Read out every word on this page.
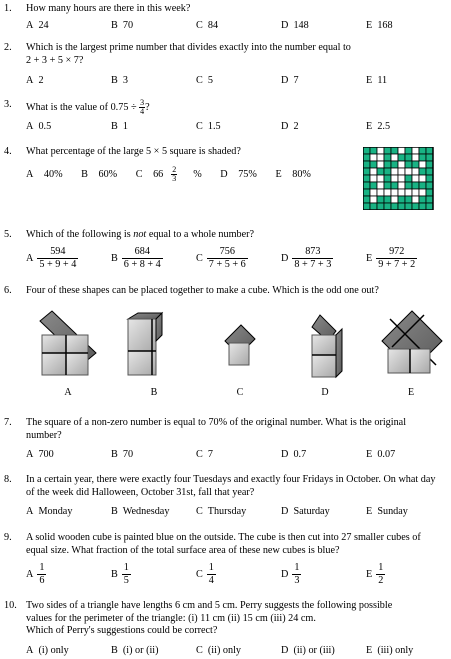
1. How many hours are there in this week?
A 24	B 70	C 84	D 148	E 168
2. Which is the largest prime number that divides exactly into the number equal to
2 + 3 + 5 × 7?
A 2	B 3	C 5	D 7	E 11
3. What is the value of $0.75 \div \frac{3}{4}$ ?
A 0.5	B 1	C 1.5	D 2	E 2.5
4. What percentage of the large 5 × 5 square is shaded?
A 40% B 60% C $66 \frac{2}{3}$ % D 75% E 80%
5. Which of the following is not equal to a whole number?
A $\frac{594}{5 + 9 + 4}$	B $\frac{684}{6 + 8 + 4}$	C $\frac{756}{7 + 5 + 6}$	D $\frac{873}{8 + 7 + 3}$	E $\frac{972}{9 + 7 + 2}$
6. Four of these shapes can be placed together to make a cube. Which is the odd one out?
A	B	C	D	E
7. The square of a non-zero number is equal to 70% of the original number. What is the original number?
A 700	B 70	C 7	D 0.7	E 0.07
8. In a certain year, there were exactly four Tuesdays and exactly four Fridays in October. On what day of the week did Halloween, October 31st, fall that year?
A Monday	B Wednesday	C Thursday	D Saturday	E Sunday
9. A solid wooden cube is painted blue on the outside. The cube is then cut into 27 smaller cubes of equal size. What fraction of the total surface area of these new cubes is blue?
A $\frac{1}{6}$	B $\frac{1}{5}$	C $\frac{1}{4}$	D $\frac{1}{3}$	E $\frac{1}{2}$
10. Two sides of a triangle have lengths 6 cm and 5 cm. Perry suggests the following possible
values for the perimeter of the triangle: (i) 11 cm (ii) 15 cm (iii) 24 cm.
Which of Perry's suggestions could be correct?
A (i) only	B (i) or (ii)	C (ii) only	D (ii) or (iii)	E (iii) only
